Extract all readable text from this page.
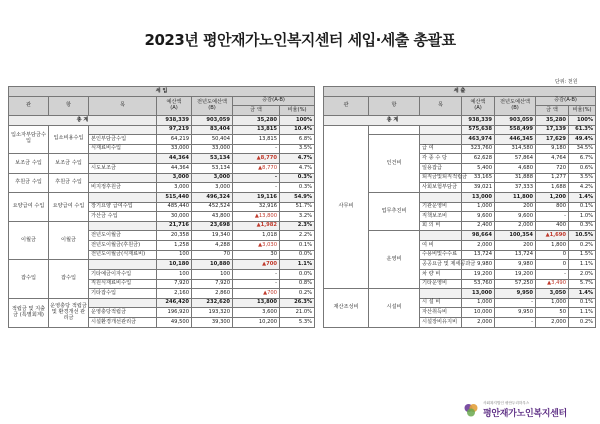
2023년 평안재가노인복지센터 세입·세출 총괄표
단위: 천원
세 입						
관	항	목	예산액
(A)	전년도예산액
(B)	증감(A-B)	
					금 액	비율(%)
총 계			938,339	903,059	35,280	100%
입소자부담금수입	입소비용수입		97,219	83,404	13,815	10.4%
		본인부담금수입	64,219	50,404	13,815	6.8%
		식재료비수입	33,000	33,000	-	3.5%
보조금 수입	보조금 수입		44,364	53,134	▲8,770	4.7%
		시도보조금	44,364	53,134	▲8,770	4.7%
후원금 수입	후원금 수입		3,000	3,000	-	0.3%
		비지정후원금	3,000	3,000	-	0.3%
요양급여 수입	요양급여 수입		515,440	496,324	19,116	54.9%
		장기요양 급여수입	485,440	452,524	32,916	51.7%
		가산금 수입	30,000	43,800	▲13,800	3.2%
이월금	이월금		21,716	23,698	▲1,982	2.3%
		전년도이월금	20,358	19,340	1,018	2.2%
		전년도이월금(후원금)	1,258	4,288	▲3,030	0.1%
		전년도이월금(식재료비)	100	70	30	0.0%
잡수입	잡수입		10,180	10,880	▲700	1.1%
		기타예금이자수입	100	100	-	0.0%
		직원식재료비수입	7,920	7,920	-	0.8%
		기타잡수입	2,160	2,860	▲700	0.2%
적립금 및 지출금 (특별회계)	운영충당 적립금 및 환경개선 관리금		246,420	232,620	13,800	26.3%
		운영충당적립금	196,920	193,320	3,600	21.0%
		시설환경개선관리금	49,500	39,300	10,200	5.3%
세 출						
관	항	목	예산액
(A)	전년도예산액
(B)	증감(A-B)	
					금 액	비율(%)
총 계			938,339	903,059	35,280	100%
사무비			575,638	558,499	17,139	61.3%
	인건비		463,974	446,345	17,629	49.4%
		급 여	323,760	314,580	9,180	34.5%
		각 종 수 당	62,628	57,864	4,764	6.7%
		일용잡급	5,400	4,680	720	0.6%
		퇴직금및퇴직적립금	33,165	31,888	1,277	3.5%
		사회보험부담금	39,021	37,333	1,688	4.2%
	업무추진비		13,000	11,800	1,200	1.4%
		기관운영비	1,000	200	800	0.1%
		직책보조비	9,600	9,600	-	1.0%
		회 의 비	2,400	2,000	400	0.3%
	운영비		98,664	100,354	▲1,690	10.5%
		여 비	2,000	200	1,800	0.2%
		수용비및수수료	13,724	13,724	0	1.5%
		공공요금 및 제세공과금	9,980	9,980	0	1.1%
		차 량 비	19,200	19,200	-	2.0%
		기타운영비	53,760	57,250	▲3,490	5.7%
재산조성비	시설비		13,000	9,950	3,050	1.4%
		시 설 비	1,000	-	1,000	0.1%
		자산취득비	10,000	9,950	50	1.1%
		시설장비유지비	2,000	-	2,000	0.2%
사회복지법인 평안두리하우스
평안재가노인복지센터
